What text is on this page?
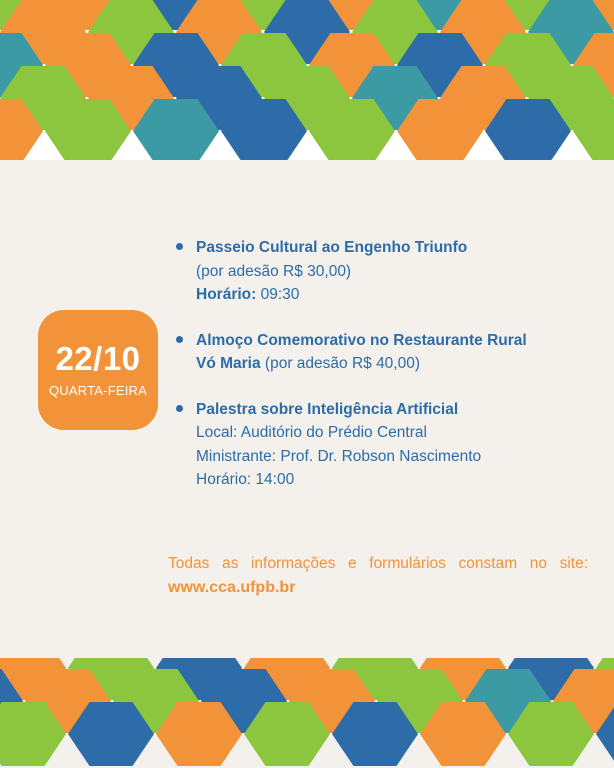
22/10
QUARTA-FEIRA
Passeio Cultural ao Engenho Triunfo
(por adesão R$ 30,00)
Horário: 09:30
Almoço Comemorativo no Restaurante Rural
Vó Maria (por adesão R$ 40,00)
Palestra sobre Inteligência Artificial
Local: Auditório do Prédio Central
Ministrante: Prof. Dr. Robson Nascimento
Horário: 14:00
Todas as informações e formulários constam no site: www.cca.ufpb.br
